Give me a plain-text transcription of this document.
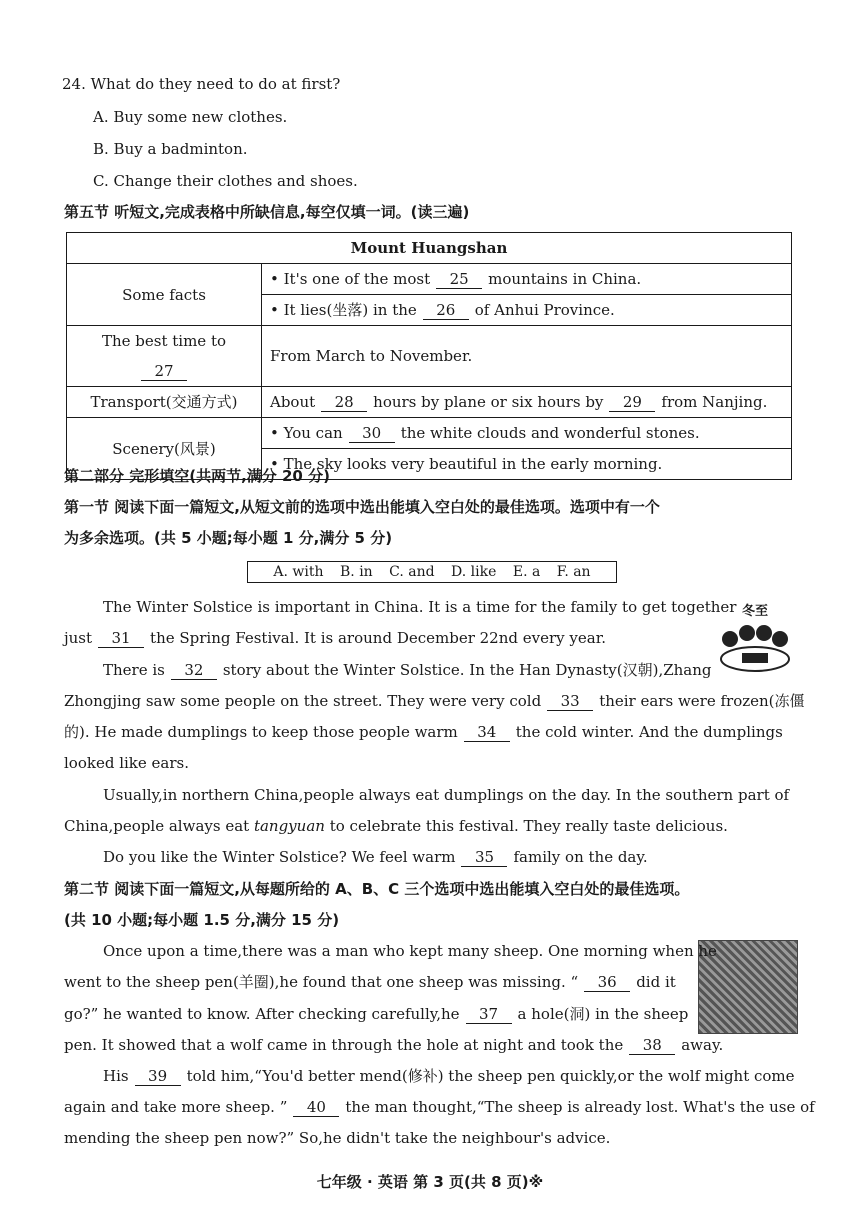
24. What do they need to do at first?
A. Buy some new clothes.
B. Buy a badminton.
C. Change their clothes and shoes.
第五节 听短文,完成表格中所缺信息,每空仅填一词。(读三遍)
Mount Huangshan	
Some facts	• It's one of the most 25 mountains in China.
	• It lies(坐落) in the 26 of Anhui Province.
The best time to27	From March to November.
Transport(交通方式)	About 28 hours by plane or six hours by 29 from Nanjing.
Scenery(风景)	• You can 30 the white clouds and wonderful stones.
	• The sky looks very beautiful in the early morning.
第二部分 完形填空(共两节,满分 20 分)
第一节 阅读下面一篇短文,从短文前的选项中选出能填入空白处的最佳选项。选项中有一个
为多余选项。(共 5 小题;每小题 1 分,满分 5 分)
A. with B. in C. and D. like E. a F. an
冬至
The Winter Solstice is important in China. It is a time for the family to get together
just 31 the Spring Festival. It is around December 22nd every year.
There is 32 story about the Winter Solstice. In the Han Dynasty(汉朝),Zhang
Zhongjing saw some people on the street. They were very cold 33 their ears were frozen(冻僵
的). He made dumplings to keep those people warm 34 the cold winter. And the dumplings
looked like ears.
Usually,in northern China,people always eat dumplings on the day. In the southern part of
China,people always eat tangyuan to celebrate this festival. They really taste delicious.
Do you like the Winter Solstice? We feel warm 35 family on the day.
第二节 阅读下面一篇短文,从每题所给的 A、B、C 三个选项中选出能填入空白处的最佳选项。
(共 10 小题;每小题 1.5 分,满分 15 分)
Once upon a time,there was a man who kept many sheep. One morning when he
went to the sheep pen(羊圈),he found that one sheep was missing. “ 36 did it
go?” he wanted to know. After checking carefully,he 37 a hole(洞) in the sheep
pen. It showed that a wolf came in through the hole at night and took the 38 away.
His 39 told him,“You'd better mend(修补) the sheep pen quickly,or the wolf might come
again and take more sheep. ” 40 the man thought,“The sheep is already lost. What's the use of
mending the sheep pen now?” So,he didn't take the neighbour's advice.
七年级 · 英语 第 3 页(共 8 页)※
